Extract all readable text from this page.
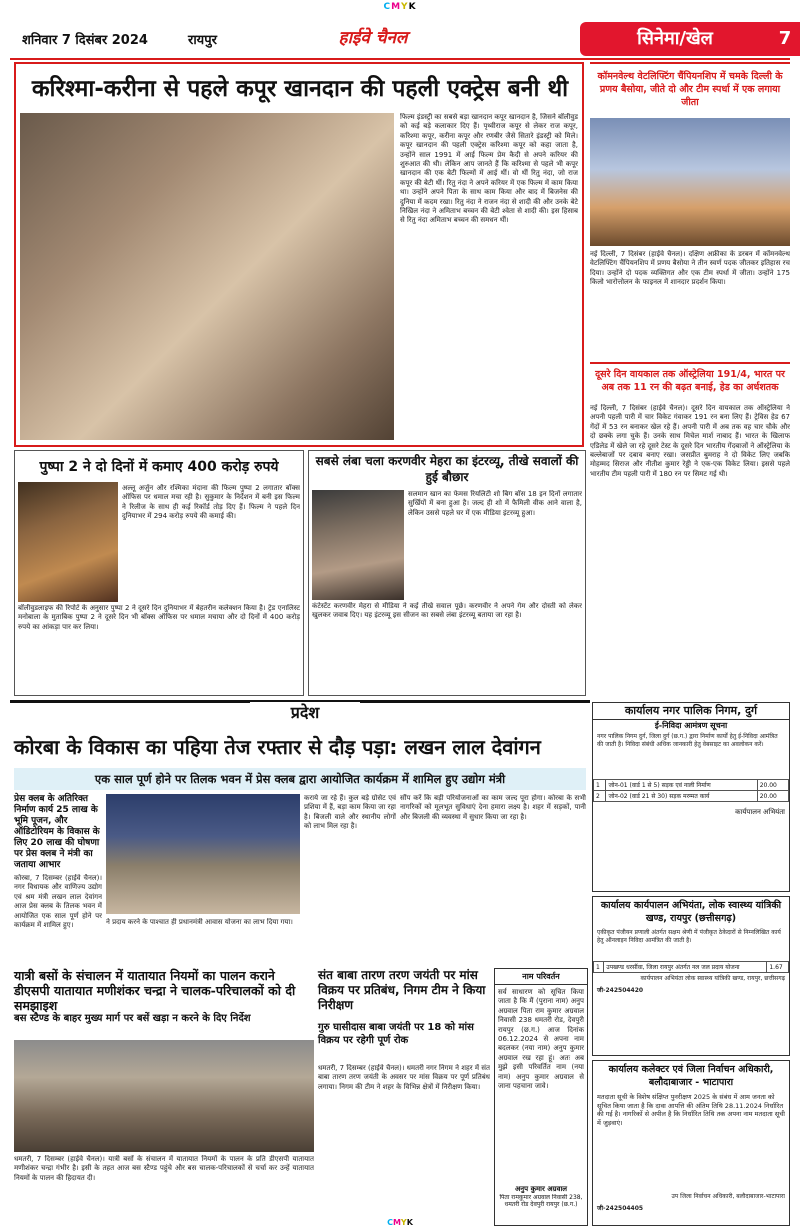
CMYK
शनिवार 7 दिसंबर 2024	रायपुर	हाईवे चैनल	सिनेमा/खेल	7
करिश्मा-करीना से पहले कपूर खानदान की पहली एक्ट्रेस बनी थी
फिल्म इंडस्ट्री का सबसे बड़ा खानदान कपूर खानदान है, जिसने बॉलीवुड को कई बड़े कलाकार दिए हैं। पृथ्वीराज कपूर से लेकर राज कपूर, करिश्मा कपूर, करीना कपूर और रणबीर जैसे सितारे इंडस्ट्री को मिले। कपूर खानदान की पहली एक्ट्रेस करिश्मा कपूर को कहा जाता है, उन्होंने साल 1991 में आई फिल्म प्रेम कैदी से अपने करियर की शुरुआत की थी। लेकिन आप जानते हैं कि करिश्मा से पहले भी कपूर खानदान की एक बेटी फिल्मों में आई थीं। वो थीं रितु नंदा, जो राज कपूर की बेटी थीं। रितु नंदा ने अपने करियर में एक फिल्म में काम किया था। उन्होंने अपने पिता के साथ काम किया और बाद में बिजनेस की दुनिया में कदम रखा। रितु नंदा ने राजन नंदा से शादी की और उनके बेटे निखिल नंदा ने अमिताभ बच्चन की बेटी श्वेता से शादी की। इस हिसाब से रितु नंदा अमिताभ बच्चन की समधन थीं।
कॉमनवेल्थ वेटलिफ्टिंग चैंपियनशिप में चमके दिल्ली के प्रणय बैसोया, जीते दो और टीम स्पर्धा में एक लगाया जीता
नई दिल्ली, 7 दिसंबर (हाईवे चैनल)। दक्षिण अफ्रीका के डरबन में कॉमनवेल्थ वेटलिफ्टिंग चैंपियनशिप में प्रणय बैसोया ने तीन स्वर्ण पदक जीतकर इतिहास रच दिया। उन्होंने दो पदक व्यक्तिगत और एक टीम स्पर्धा में जीता। उन्होंने 175 किलो भारोत्तोलन के फाइनल में शानदार प्रदर्शन किया।
दूसरे दिन वायकाल तक ऑस्ट्रेलिया 191/4, भारत पर अब तक 11 रन की बढ़त बनाई, हेड का अर्धशतक
नई दिल्ली, 7 दिसंबर (हाईवे चैनल)। दूसरे दिन वायकाल तक ऑस्ट्रेलिया ने अपनी पहली पारी में चार विकेट गंवाकर 191 रन बना लिए हैं। ट्रेविस हेड 67 गेंदों में 53 रन बनाकर खेल रहे हैं। अपनी पारी में अब तक वह चार चौके और दो छक्के लगा चुके हैं। उनके साथ मिचेल मार्श नाबाद हैं। भारत के खिलाफ एडिलेड में खेले जा रहे दूसरे टेस्ट के दूसरे दिन भारतीय गेंदबाजों ने ऑस्ट्रेलिया के बल्लेबाजों पर दबाव बनाए रखा। जसप्रीत बुमराह ने दो विकेट लिए जबकि मोहम्मद सिराज और नीतीश कुमार रेड्डी ने एक-एक विकेट लिया। इससे पहले भारतीय टीम पहली पारी में 180 रन पर सिमट गई थी।
पुष्पा 2 ने दो दिनों में कमाए 400 करोड़ रुपये
अल्लू अर्जुन और रश्मिका मंदाना की फिल्म पुष्पा 2 लगातार बॉक्स ऑफिस पर धमाल मचा रही है। सुकुमार के निर्देशन में बनी इस फिल्म ने रिलीज के साथ ही कई रिकॉर्ड तोड़ दिए हैं। फिल्म ने पहले दिन दुनियाभर में 294 करोड़ रुपये की कमाई की।
बॉलीवुडलाइफ की रिपोर्ट के अनुसार पुष्पा 2 ने दूसरे दिन दुनियाभर में बेहतरीन कलेक्शन किया है। ट्रेड एनालिस्ट मनोबाला के मुताबिक पुष्पा 2 ने दूसरे दिन भी बॉक्स ऑफिस पर धमाल मचाया और दो दिनों में 400 करोड़ रुपये का आंकड़ा पार कर लिया।
सबसे लंबा चला करणवीर मेहरा का इंटरव्यू, तीखे सवालों की हुई बौछार
सलमान खान का फेमस रियलिटी शो बिग बॉस 18 इन दिनों लगातार सुर्खियों में बना हुआ है। जल्द ही शो में फैमिली वीक आने वाला है, लेकिन उससे पहले घर में एक मीडिया इंटरव्यू हुआ।
कंटेस्टेंट करणवीर मेहरा से मीडिया ने कई तीखे सवाल पूछे। करणवीर ने अपने गेम और दोस्ती को लेकर खुलकर जवाब दिए। यह इंटरव्यू इस सीजन का सबसे लंबा इंटरव्यू बताया जा रहा है।
प्रदेश
कोरबा के विकास का पहिया तेज रफ्तार से दौड़ पड़ा: लखन लाल देवांगन
एक साल पूर्ण होने पर तिलक भवन में प्रेस क्लब द्वारा आयोजित कार्यक्रम में शामिल हुए उद्योग मंत्री
प्रेस क्लब के अतिरिक्त निर्माण कार्य 25 लाख के भूमि पूजन, और ऑडिटोरियम के विकास के लिए 20 लाख की घोषणा पर प्रेस क्लब ने मंत्री का जताया आभार
कोरबा, 7 दिसम्बर (हाईवे चैनल)। नगर विधायक और वाणिज्य उद्योग एवं श्रम मंत्री लखन लाल देवांगन आज प्रेस क्लब के तिलक भवन में आयोजित एक साल पूर्ण होने पर कार्यक्रम में शामिल हुए।	ने प्रदाय करने के पाश्चात ही प्रधानमंत्री आवास योजना का लाभ दिया गया।
कराये जा रहे हैं। कुल बड़े ग्रोसेट एवं प्रशिया में हैं, बड़ा काम किया जा रहा है। बिजली वाले और स्थानीय लोगों को लाभ मिल रहा है।
सौंप करें कि बड़ी परियोजनाओं का काम जल्द पूरा होगा। कोरबा के सभी नागरिकों को मूलभूत सुविधाएं देना हमारा लक्ष्य है। शहर में सड़कों, पानी और बिजली की व्यवस्था में सुधार किया जा रहा है।
यात्री बसों के संचालन में यातायात नियमों का पालन कराने डीएसपी यातायात मणीशंकर चन्द्रा ने चालक-परिचालकों को दी समझाइश
बस स्टैण्ड के बाहर मुख्य मार्ग पर बसें खड़ा न करने के दिए निर्देश
धमतरी, 7 दिसम्बर (हाईवे चैनल)। यात्री बसों के संचालन में यातायात नियमों के पालन के प्रति डीएसपी यातायात मणीशंकर चन्द्रा गंभीर है। इसी के तहत आज बस स्टैण्ड पहुंचे और बस चालक-परिचालकों से चर्चा कर उन्हें यातायात नियमों के पालन की हिदायत दी।
संत बाबा तारण तरण जयंती पर मांस विक्रय पर प्रतिबंध, निगम टीम ने किया निरीक्षण
गुरु घासीदास बाबा जयंती पर 18 को मांस विक्रय पर रहेगी पूर्ण रोक
धमतरी, 7 दिसम्बर (हाईवे चैनल)। धमतरी नगर निगम ने शहर में संत बाबा तारण तरण जयंती के अवसर पर मांस विक्रय पर पूर्ण प्रतिबंध लगाया। निगम की टीम ने शहर के विभिन्न क्षेत्रों में निरीक्षण किया।
नाम परिवर्तन
सर्व साधारण को सूचित किया जाता है कि मैं (पुराना नाम) अनुप अग्रवाल पिता राम कुमार अग्रवाल निवासी 238 धमतरी रोड, देवपुरी रायपुर (छ.ग.) आज दिनांक 06.12.2024 से अपना नाम बदलकर (नया नाम) अनुप कुमार अग्रवाल रख रहा हूं। अतः अब मुझे इसी परिवर्तित नाम (नया नाम) अनुप कुमार अग्रवाल से जाना पहचाना जावे।
अनुप कुमार अग्रवाल
पिता रामकुमार अग्रवाल निवासी 238, धमतरी रोड देवपुरी रायपुर (छ.ग.)
कार्यालय नगर पालिक निगम, दुर्ग
ई-निविदा आमंत्रण सूचना
नगर पालिक निगम दुर्ग, जिला दुर्ग (छ.ग.) द्वारा निर्माण कार्यों हेतु ई-निविदा आमंत्रित की जाती है। निविदा संबंधी अधिक जानकारी हेतु वेबसाइट का अवलोकन करें।
1	जोन-01 (वार्ड 1 से 5) सड़क एवं नाली निर्माण	20.00
2	जोन-02 (वार्ड 21 से 30) सड़क मरम्मत कार्य	20.00
कार्यपालन अभियंता
कार्यालय कार्यपालन अभियंता, लोक स्वास्थ्य यांत्रिकी खण्ड, रायपुर (छत्तीसगढ़)
एकीकृत पंजीयन प्रणाली अंतर्गत सक्षम श्रेणी में पंजीकृत ठेकेदारों से निम्नलिखित कार्य हेतु ऑनलाइन निविदा आमंत्रित की जाती है।
1	उपखण्ड धरसींवा, जिला रायपुर अंतर्गत नल जल प्रदाय योजना	1.67
कार्यपालन अभियंता लोक स्वास्थ्य यांत्रिकी खण्ड, रायपुर, छत्तीसगढ़
जी-242504420
कार्यालय कलेक्टर एवं जिला निर्वाचन अधिकारी, बलौदाबाजार - भाटापारा
मतदाता सूची के विशेष संक्षिप्त पुनरीक्षण 2025 के संबंध में आम जनता को सूचित किया जाता है कि दावा आपत्ति की अंतिम तिथि 28.11.2024 निर्धारित की गई है। नागरिकों से अपील है कि निर्धारित तिथि तक अपना नाम मतदाता सूची में जुड़वाएं।
उप जिला निर्वाचन अधिकारी, बलौदाबाजार-भाटापारा
जी-242504405
CMYK
